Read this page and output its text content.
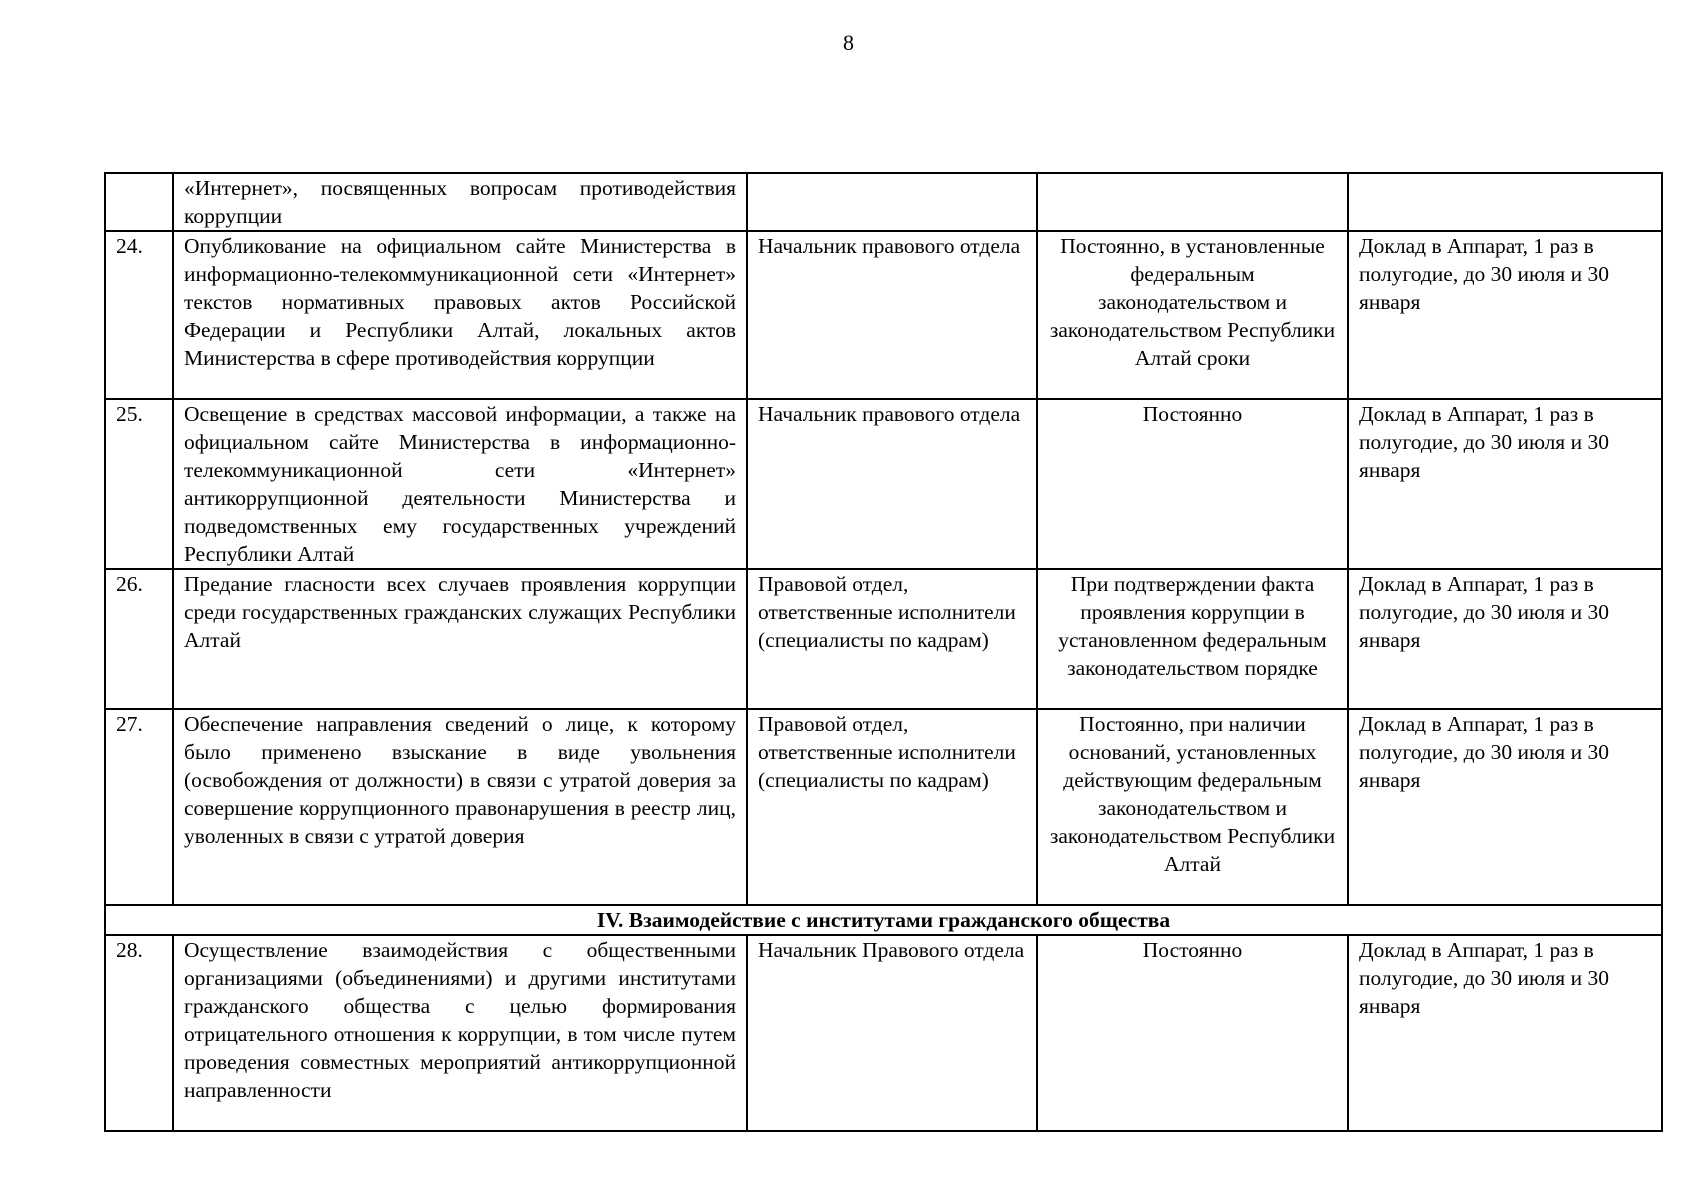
8
	«Интернет», посвященных вопросам противодействия коррупции			
24.	Опубликование на официальном сайте Министерства в информационно-телекоммуникационной сети «Интернет» текстов нормативных правовых актов Российской Федерации и Республики Алтай, локальных актов Министерства в сфере противодействия коррупции	Начальник правового отдела	Постоянно, в установленные федеральным законодательством и законодательством Республики Алтай сроки	Доклад в Аппарат, 1 раз в полугодие, до 30 июля и 30 января
25.	Освещение в средствах массовой информации, а также на официальном сайте Министерства в информационно-телекоммуникационной сети «Интернет» антикоррупционной деятельности Министерства и подведомственных ему государственных учреждений Республики Алтай	Начальник правового отдела	Постоянно	Доклад в Аппарат, 1 раз в полугодие, до 30 июля и 30 января
26.	Предание гласности всех случаев проявления коррупции среди государственных гражданских служащих Республики Алтай	Правовой отдел, ответственные исполнители (специалисты по кадрам)	При подтверждении факта проявления коррупции в установленном федеральным законодательством порядке	Доклад в Аппарат, 1 раз в полугодие, до 30 июля и 30 января
27.	Обеспечение направления сведений о лице, к которому было применено взыскание в виде увольнения (освобождения от должности) в связи с утратой доверия за совершение коррупционного правонарушения в реестр лиц, уволенных в связи с утратой доверия	Правовой отдел, ответственные исполнители (специалисты по кадрам)	Постоянно, при наличии оснований, установленных действующим федеральным законодательством и законодательством Республики Алтай	Доклад в Аппарат, 1 раз в полугодие, до 30 июля и 30 января
IV. Взаимодействие с институтами гражданского общества				
28.	Осуществление взаимодействия с общественными организациями (объединениями) и другими институтами гражданского общества с целью формирования отрицательного отношения к коррупции, в том числе путем проведения совместных мероприятий антикоррупционной направленности	Начальник Правового отдела	Постоянно	Доклад в Аппарат, 1 раз в полугодие, до 30 июля и 30 января
